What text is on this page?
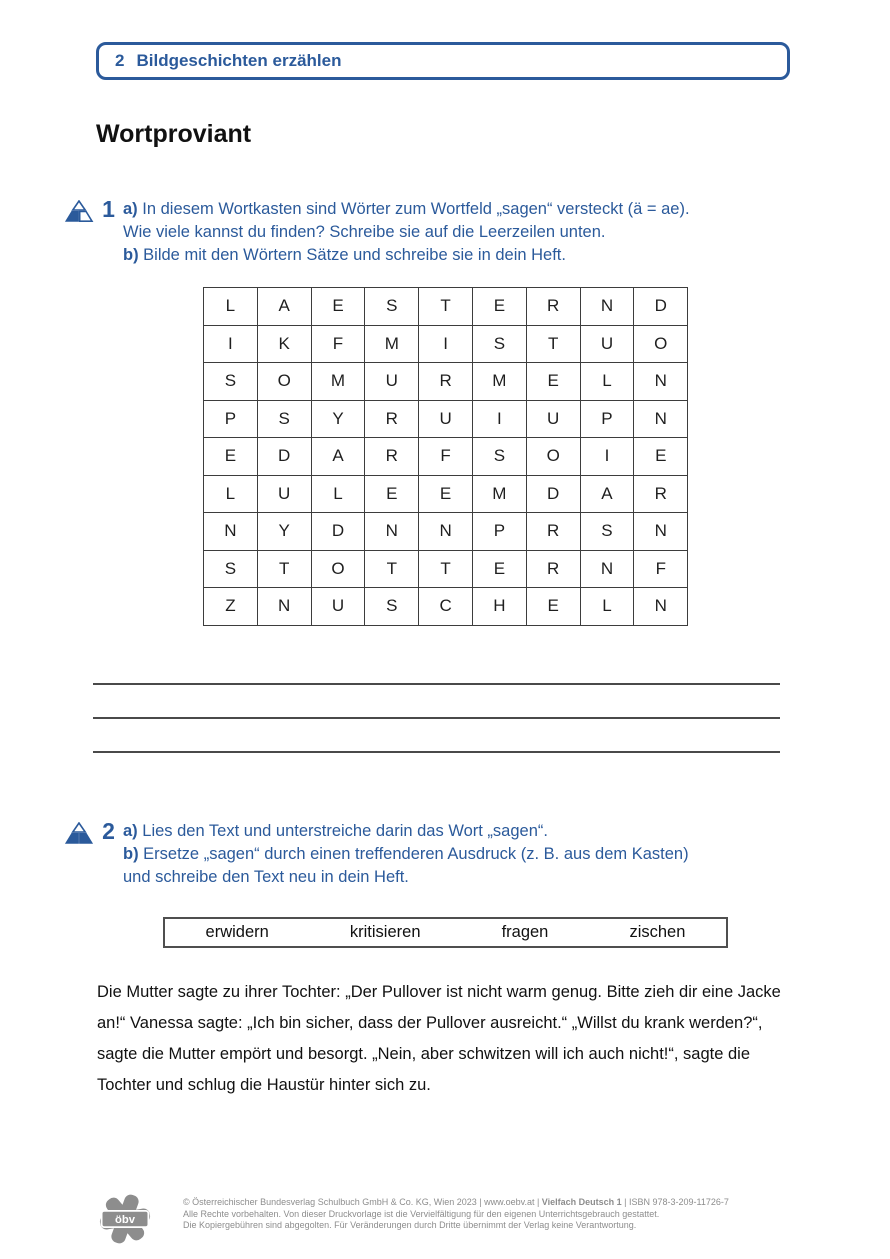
2 Bildgeschichten erzählen
Wortproviant
1 a) In diesem Wortkasten sind Wörter zum Wortfeld „sagen“ versteckt (ä = ae).
Wie viele kannst du finden? Schreibe sie auf die Leerzeilen unten.
b) Bilde mit den Wörtern Sätze und schreibe sie in dein Heft.
L	A	E	S	T	E	R	N	D
I	K	F	M	I	S	T	U	O
S	O	M	U	R	M	E	L	N
P	S	Y	R	U	I	U	P	N
E	D	A	R	F	S	O	I	E
L	U	L	E	E	M	D	A	R
N	Y	D	N	N	P	R	S	N
S	T	O	T	T	E	R	N	F
Z	N	U	S	C	H	E	L	N
2 a) Lies den Text und unterstreiche darin das Wort „sagen“.
b) Ersetze „sagen“ durch einen treffenderen Ausdruck (z. B. aus dem Kasten)
und schreibe den Text neu in dein Heft.
erwidern	kritisieren	fragen	zischen

Die Mutter sagte zu ihrer Tochter: „Der Pullover ist nicht warm genug. Bitte zieh dir eine Jacke an!“ Vanessa sagte: „Ich bin sicher, dass der Pullover ausreicht.“ „Willst du krank werden?“, sagte die Mutter empört und besorgt. „Nein, aber schwitzen will ich auch nicht!“, sagte die Tochter und schlug die Haustür hinter sich zu.

öbv
© Österreichischer Bundesverlag Schulbuch GmbH & Co. KG, Wien 2023 | www.oebv.at | Vielfach Deutsch 1 | ISBN 978-3-209-11726-7
Alle Rechte vorbehalten. Von dieser Druckvorlage ist die Vervielfältigung für den eigenen Unterrichtsgebrauch gestattet.
Die Kopiergebühren sind abgegolten. Für Veränderungen durch Dritte übernimmt der Verlag keine Verantwortung.
